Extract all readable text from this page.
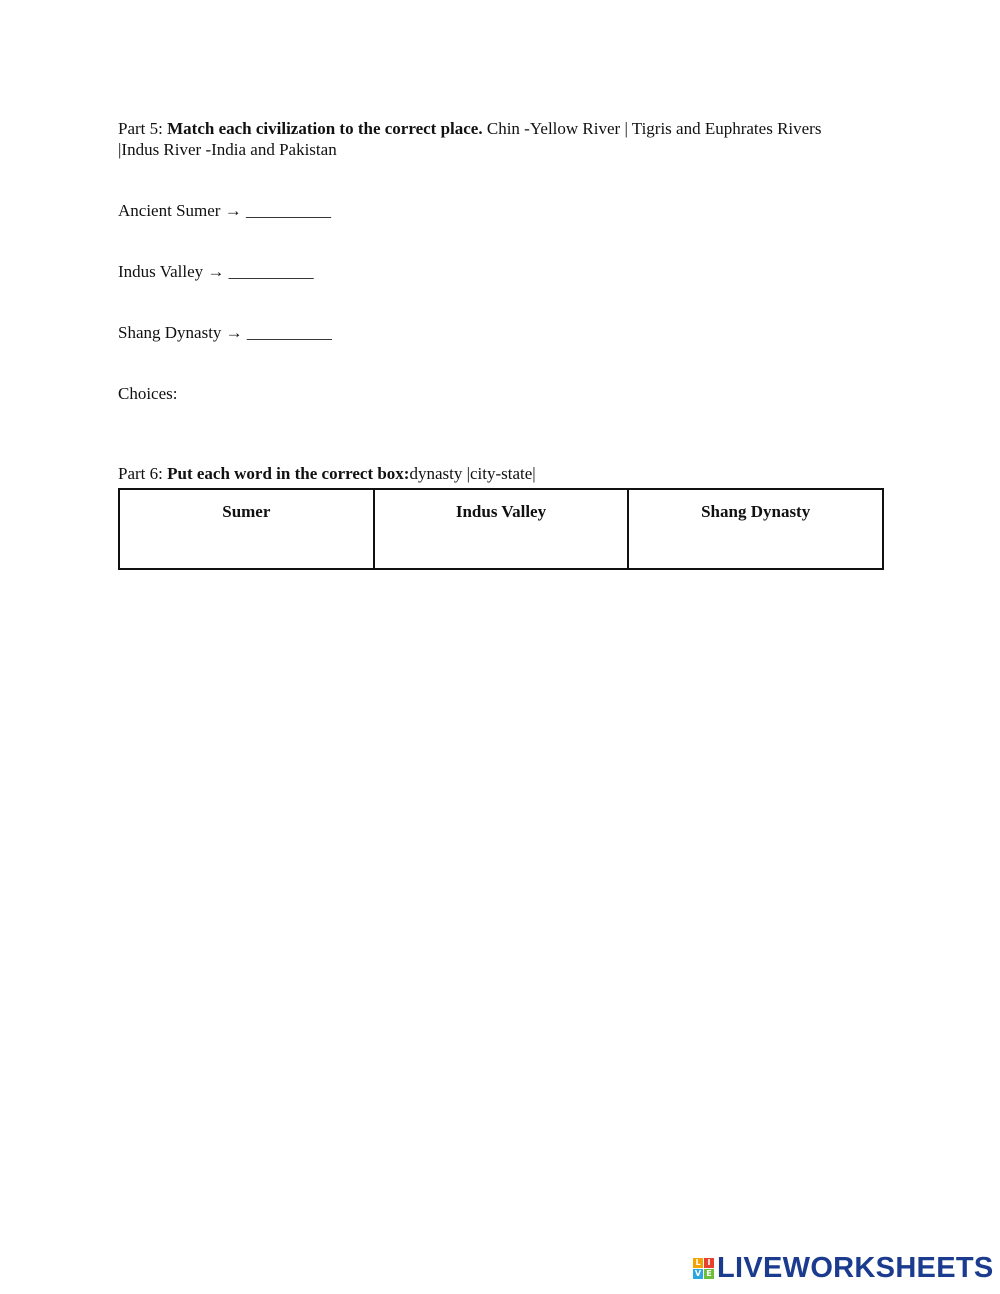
Part 5: Match each civilization to the correct place. Chin -Yellow River | Tigris and Euphrates Rivers
|Indus River -India and Pakistan
Ancient Sumer → __________
Indus Valley → __________
Shang Dynasty → __________
Choices:
Part 6: Put each word in the correct box:dynasty |city-state|
Sumer	Indus Valley	Shang Dynasty
L I
V E LIVEWORKSHEETS
